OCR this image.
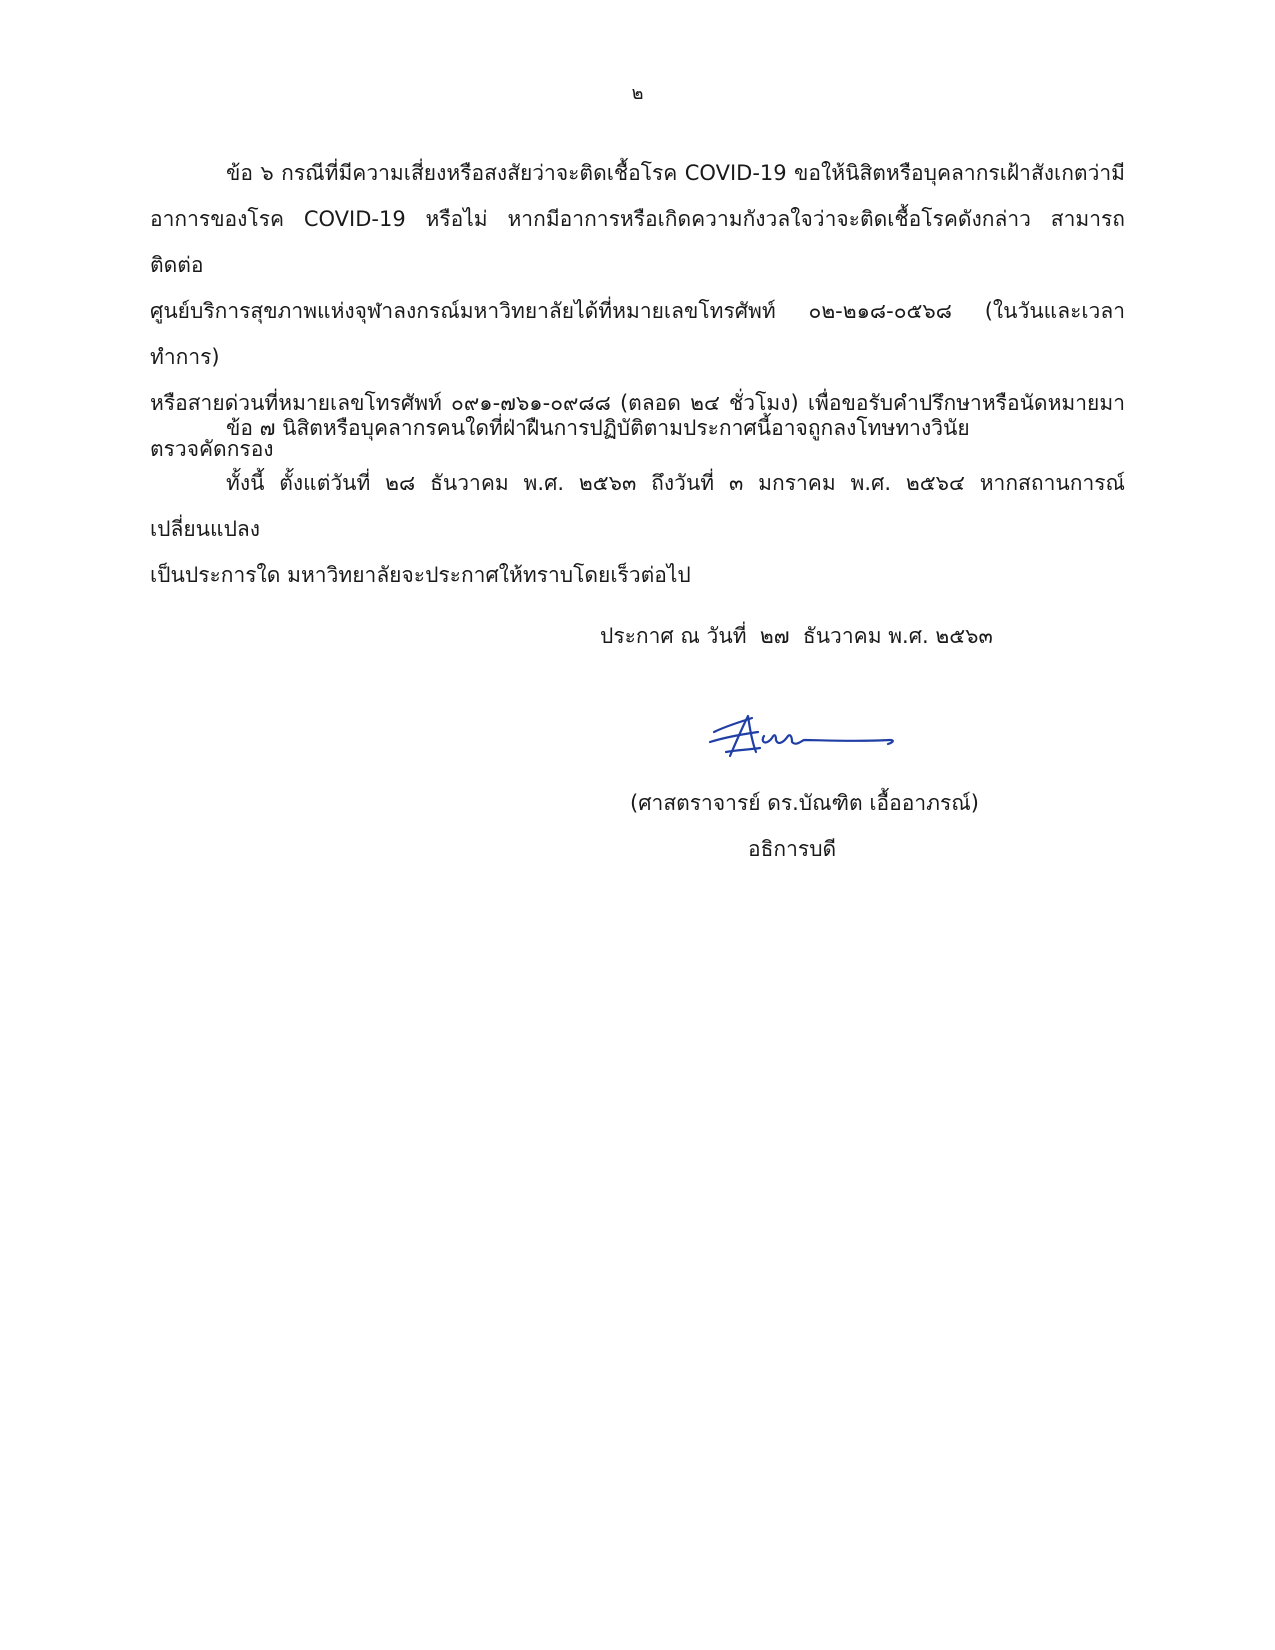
๒
ข้อ ๖ กรณีที่มีความเสี่ยงหรือสงสัยว่าจะติดเชื้อโรค COVID-19 ขอให้นิสิตหรือบุคลากรเฝ้าสังเกตว่ามี
อาการของโรค COVID-19 หรือไม่ หากมีอาการหรือเกิดความกังวลใจว่าจะติดเชื้อโรคดังกล่าว สามารถติดต่อ
ศูนย์บริการสุขภาพแห่งจุฬาลงกรณ์มหาวิทยาลัยได้ที่หมายเลขโทรศัพท์ ๐๒-๒๑๘-๐๕๖๘ (ในวันและเวลาทำการ)
หรือสายด่วนที่หมายเลขโทรศัพท์ ๐๙๑-๗๖๑-๐๙๘๘ (ตลอด ๒๔ ชั่วโมง) เพื่อขอรับคำปรึกษาหรือนัดหมายมา
ตรวจคัดกรอง
ข้อ ๗ นิสิตหรือบุคลากรคนใดที่ฝ่าฝืนการปฏิบัติตามประกาศนี้อาจถูกลงโทษทางวินัย
ทั้งนี้ ตั้งแต่วันที่ ๒๘ ธันวาคม พ.ศ. ๒๕๖๓ ถึงวันที่ ๓ มกราคม พ.ศ. ๒๕๖๔ หากสถานการณ์เปลี่ยนแปลง
เป็นประการใด มหาวิทยาลัยจะประกาศให้ทราบโดยเร็วต่อไป
ประกาศ ณ วันที่  ๒๗  ธันวาคม พ.ศ. ๒๕๖๓
(ศาสตราจารย์ ดร.บัณฑิต เอื้ออาภรณ์)
อธิการบดี
